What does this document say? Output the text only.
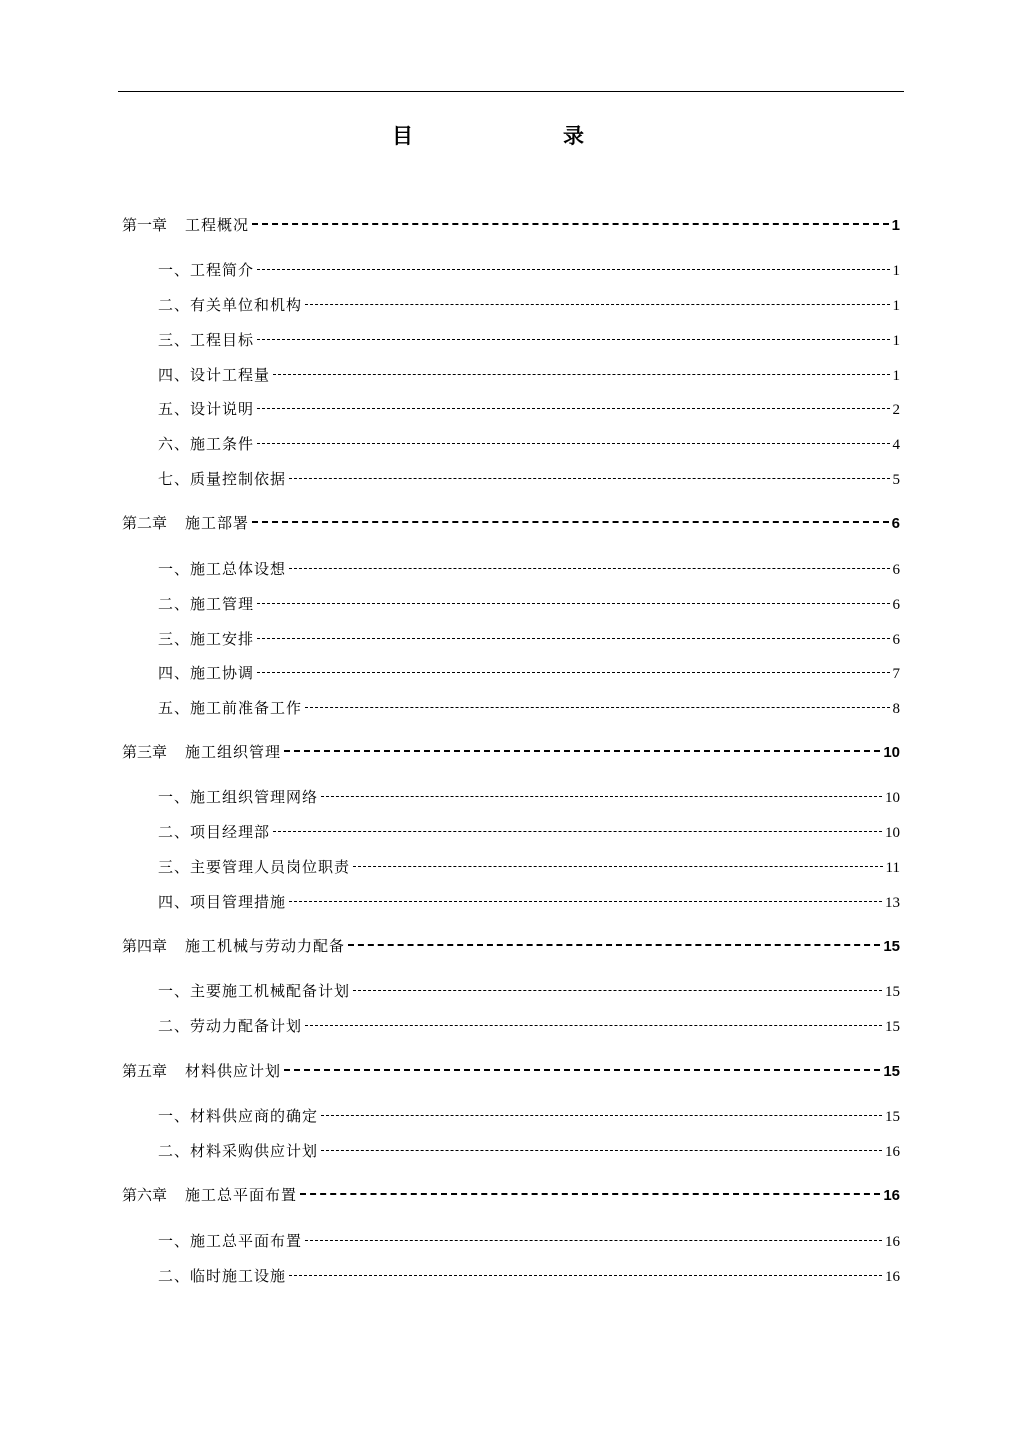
目　　录
第一章 工程概况	1
一、工程简介	1
二、有关单位和机构	1
三、工程目标	1
四、设计工程量	1
五、设计说明	2
六、施工条件	4
七、质量控制依据	5
第二章 施工部署	6
一、施工总体设想	6
二、施工管理	6
三、施工安排	6
四、施工协调	7
五、施工前准备工作	8
第三章 施工组织管理	10
一、施工组织管理网络	10
二、项目经理部	10
三、主要管理人员岗位职责	11
四、项目管理措施	13
第四章 施工机械与劳动力配备	15
一、主要施工机械配备计划	15
二、劳动力配备计划	15
第五章 材料供应计划	15
一、材料供应商的确定	15
二、材料采购供应计划	16
第六章 施工总平面布置	16
一、施工总平面布置	16
二、临时施工设施	16
